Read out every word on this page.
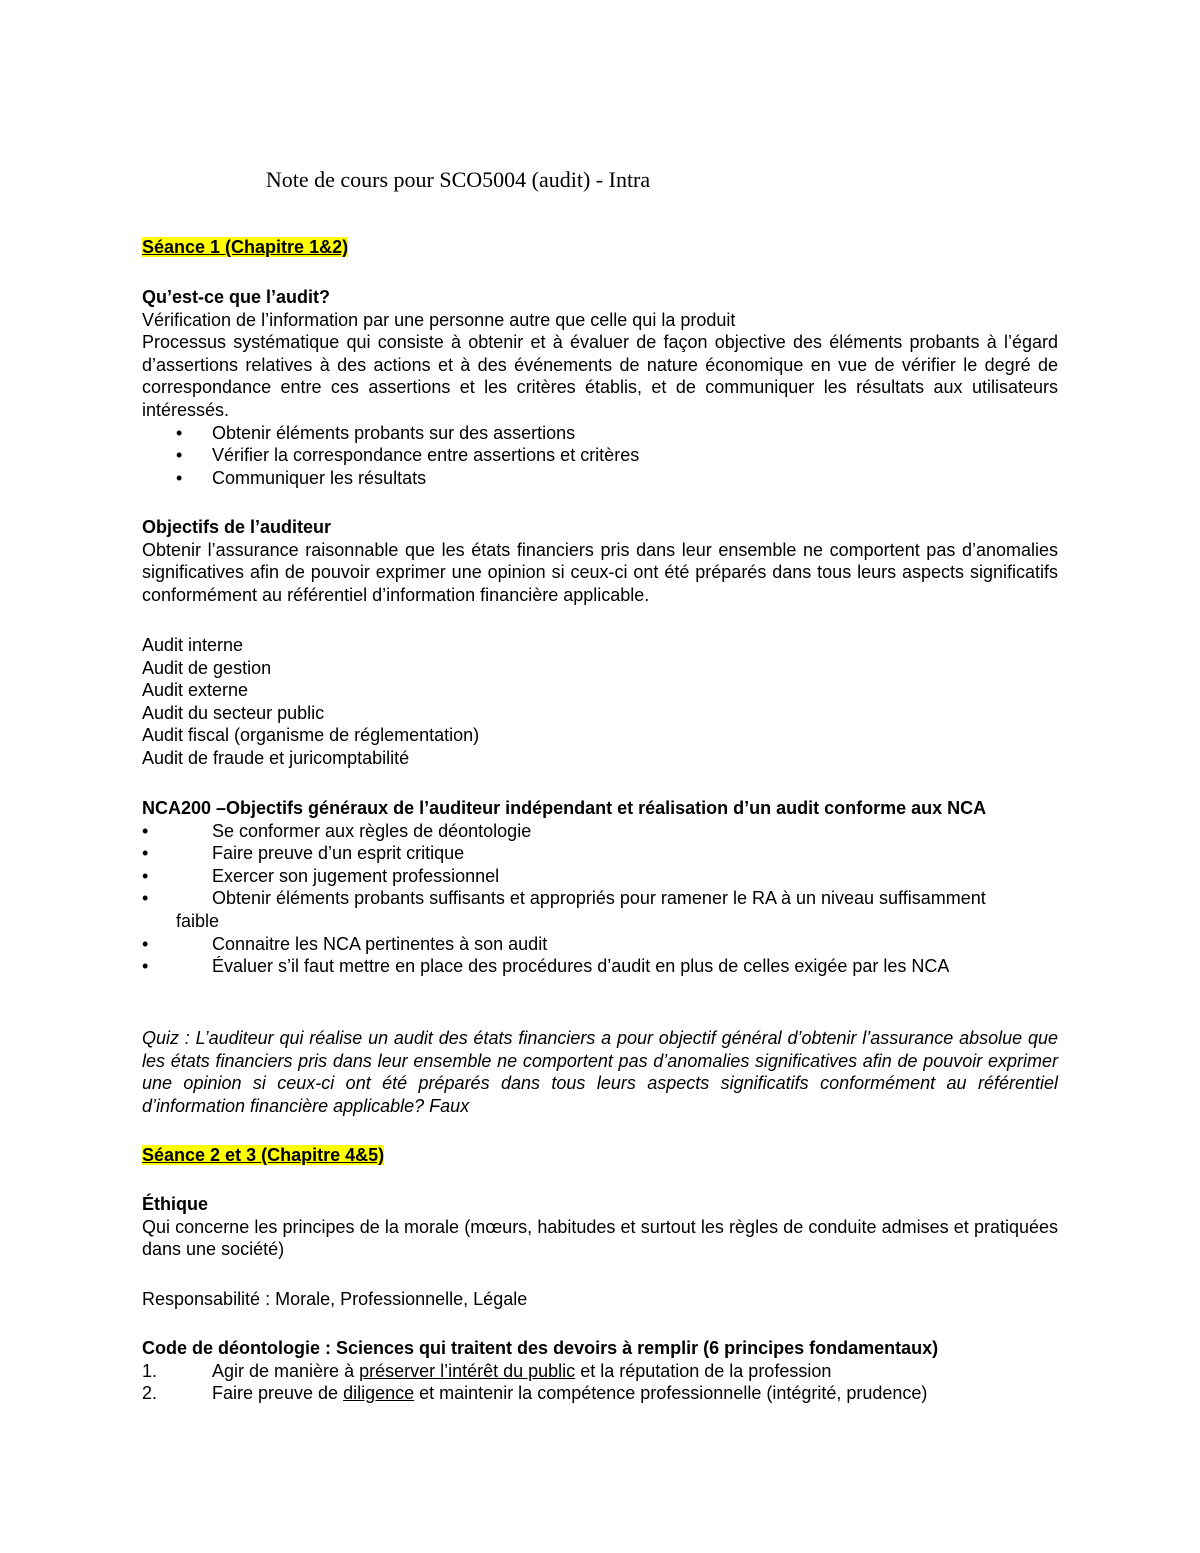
Note de cours pour SCO5004 (audit) - Intra
Séance 1 (Chapitre 1&2)
Qu’est-ce que l’audit?
Vérification de l’information par une personne autre que celle qui la produit
Processus systématique qui consiste à obtenir et à évaluer de façon objective des éléments probants à l’égard d’assertions relatives à des actions et à des événements de nature économique en vue de vérifier le degré de correspondance entre ces assertions et les critères établis, et de communiquer les résultats aux utilisateurs intéressés.
• Obtenir éléments probants sur des assertions
• Vérifier la correspondance entre assertions et critères
• Communiquer les résultats
Objectifs de l’auditeur
Obtenir l’assurance raisonnable que les états financiers pris dans leur ensemble ne comportent pas d’anomalies significatives afin de pouvoir exprimer une opinion si ceux-ci ont été préparés dans tous leurs aspects significatifs conformément au référentiel d’information financière applicable.
Audit interne
Audit de gestion
Audit externe
Audit du secteur public
Audit fiscal (organisme de réglementation)
Audit de fraude et juricomptabilité
NCA200 –Objectifs généraux de l’auditeur indépendant et réalisation d’un audit conforme aux NCA
•	Se conformer aux règles de déontologie
•	Faire preuve d’un esprit critique
•	Exercer son jugement professionnel
•	Obtenir éléments probants suffisants et appropriés pour ramener le RA à un niveau suffisamment
faible
•	Connaitre les NCA pertinentes à son audit
•	Évaluer s’il faut mettre en place des procédures d’audit en plus de celles exigée par les NCA
Quiz : L’auditeur qui réalise un audit des états financiers a pour objectif général d’obtenir l’assurance absolue que les états financiers pris dans leur ensemble ne comportent pas d’anomalies significatives afin de pouvoir exprimer une opinion si ceux-ci ont été préparés dans tous leurs aspects significatifs conformément au référentiel d’information financière applicable? Faux
Séance 2 et 3 (Chapitre 4&5)
Éthique
Qui concerne les principes de la morale (mœurs, habitudes et surtout les règles de conduite admises et pratiquées dans une société)
Responsabilité : Morale, Professionnelle, Légale
Code de déontologie : Sciences qui traitent des devoirs à remplir (6 principes fondamentaux)
1.	Agir de manière à préserver l’intérêt du public et la réputation de la profession
2.	Faire preuve de diligence et maintenir la compétence professionnelle (intégrité, prudence)
